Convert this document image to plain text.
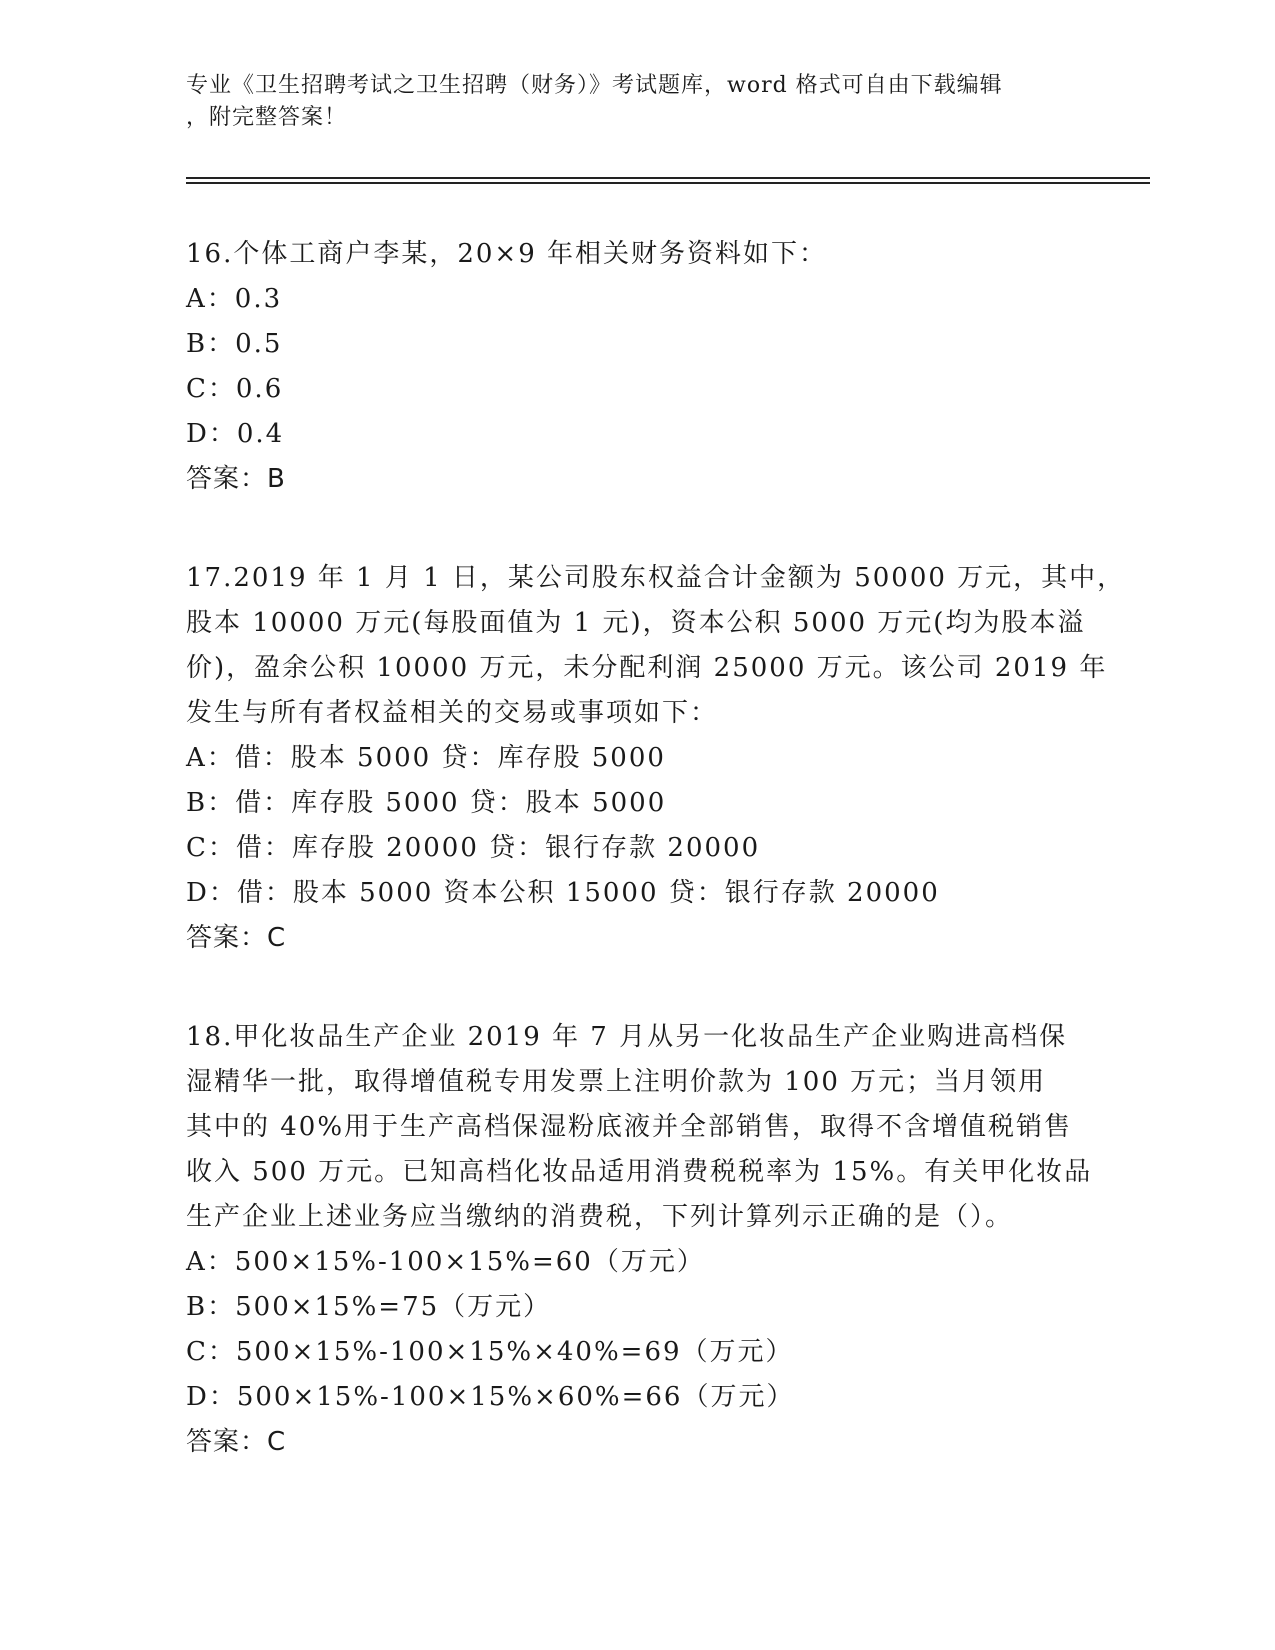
专业《卫生招聘考试之卫生招聘（财务）》考试题库，word 格式可自由下载编辑
，附完整答案！
16.个体工商户李某，20×9 年相关财务资料如下：
A：0.3
B：0.5
C：0.6
D：0.4
答案：B
17.2019 年 1 月 1 日，某公司股东权益合计金额为 50000 万元，其中，
股本 10000 万元(每股面值为 1 元)，资本公积 5000 万元(均为股本溢
价)，盈余公积 10000 万元，未分配利润 25000 万元。该公司 2019 年
发生与所有者权益相关的交易或事项如下：
A：借：股本 5000 贷：库存股 5000
B：借：库存股 5000 贷：股本 5000
C：借：库存股 20000 贷：银行存款 20000
D：借：股本 5000 资本公积 15000 贷：银行存款 20000
答案：C
18.甲化妆品生产企业 2019 年 7 月从另一化妆品生产企业购进高档保
湿精华一批，取得增值税专用发票上注明价款为 100 万元；当月领用
其中的 40%用于生产高档保湿粉底液并全部销售，取得不含增值税销售
收入 500 万元。已知高档化妆品适用消费税税率为 15%。有关甲化妆品
生产企业上述业务应当缴纳的消费税，下列计算列示正确的是（）。
A：500×15%-100×15%=60（万元）
B：500×15%=75（万元）
C：500×15%-100×15%×40%=69（万元）
D：500×15%-100×15%×60%=66（万元）
答案：C
